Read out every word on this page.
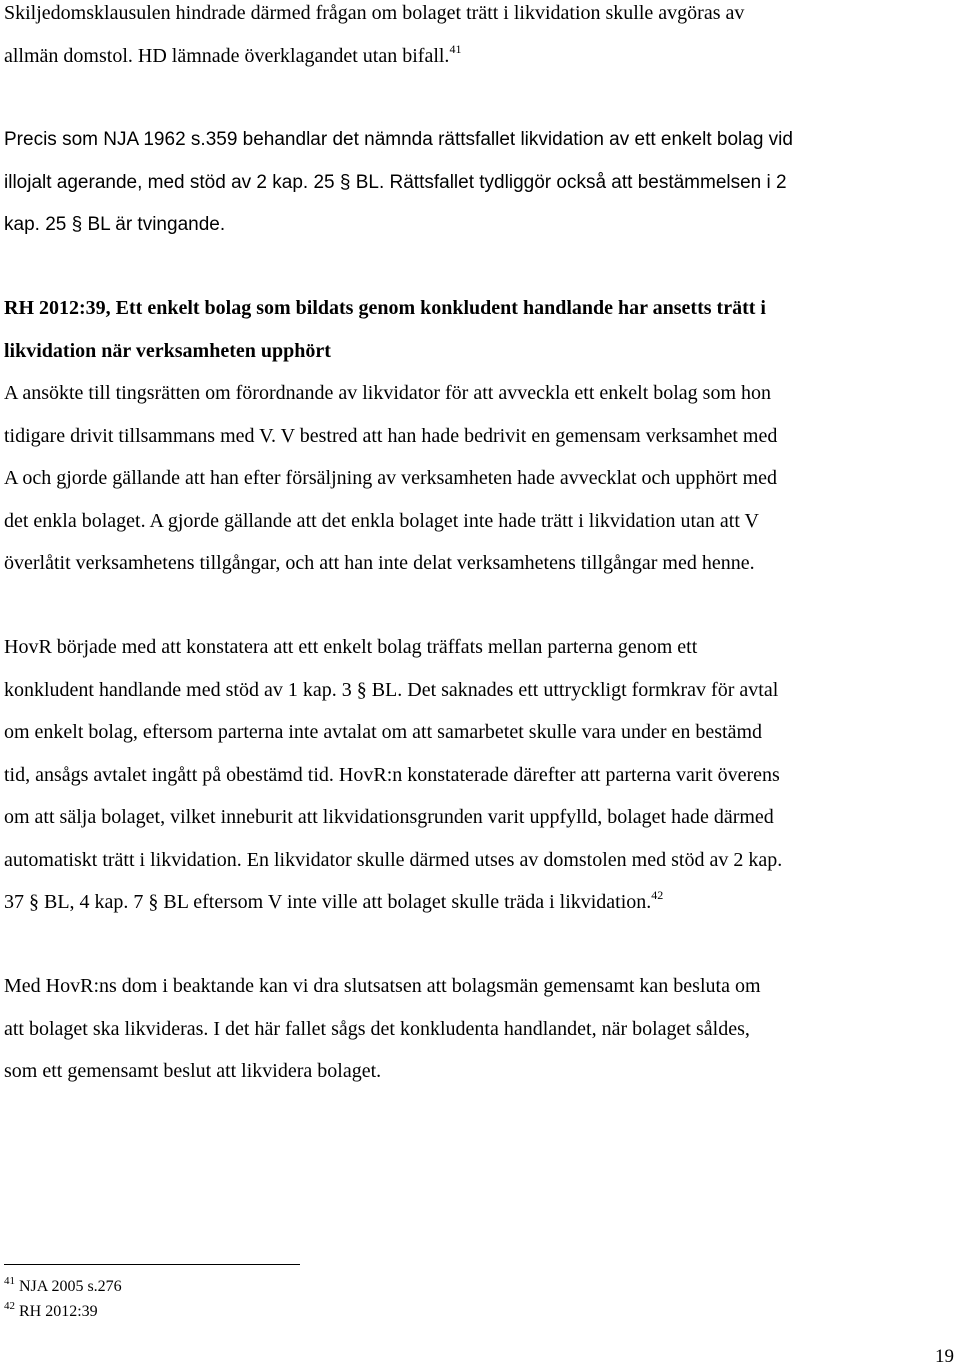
Skiljedomsklausulen hindrade därmed frågan om bolaget trätt i likvidation skulle avgöras av
allmän domstol. HD lämnade överklagandet utan bifall.$^{41}$

Precis som NJA 1962 s.359 behandlar det nämnda rättsfallet likvidation av ett enkelt bolag vid
illojalt agerande, med stöd av 2 kap. 25 § BL. Rättsfallet tydliggör också att bestämmelsen i 2
kap. 25 § BL är tvingande.

RH 2012:39, Ett enkelt bolag som bildats genom konkludent handlande har ansetts trätt i
likvidation när verksamheten upphört
A ansökte till tingsrätten om förordnande av likvidator för att avveckla ett enkelt bolag som hon
tidigare drivit tillsammans med V. V bestred att han hade bedrivit en gemensam verksamhet med
A och gjorde gällande att han efter försäljning av verksamheten hade avvecklat och upphört med
det enkla bolaget. A gjorde gällande att det enkla bolaget inte hade trätt i likvidation utan att V
överlåtit verksamhetens tillgångar, och att han inte delat verksamhetens tillgångar med henne.

HovR började med att konstatera att ett enkelt bolag träffats mellan parterna genom ett
konkludent handlande med stöd av 1 kap. 3 § BL. Det saknades ett uttryckligt formkrav för avtal
om enkelt bolag, eftersom parterna inte avtalat om att samarbetet skulle vara under en bestämd
tid, ansågs avtalet ingått på obestämd tid. HovR:n konstaterade därefter att parterna varit överens
om att sälja bolaget, vilket inneburit att likvidationsgrunden varit uppfylld, bolaget hade därmed
automatiskt trätt i likvidation. En likvidator skulle därmed utses av domstolen med stöd av 2 kap.
37 § BL, 4 kap. 7 § BL eftersom V inte ville att bolaget skulle träda i likvidation.$^{42}$

Med HovR:ns dom i beaktande kan vi dra slutsatsen att bolagsmän gemensamt kan besluta om
att bolaget ska likvideras. I det här fallet sågs det konkludenta handlandet, när bolaget såldes,
som ett gemensamt beslut att likvidera bolaget.

$^{41}$ NJA 2005 s.276

$^{42}$ RH 2012:39

19
